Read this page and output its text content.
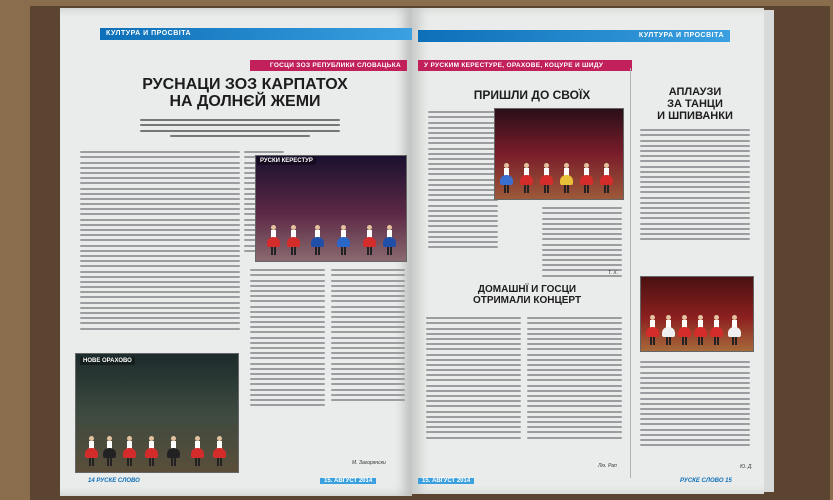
КУЛТУРА И ПРОСВІТА
ГОСЦИ ЗОЗ РЕПУБЛИКИ СЛОВАЦЬКА
РУСНАЦИ ЗОЗ КАРПАТОХ
НА ДОЛНЄЙ ЖЕМИ
РУСКИ КЕРЕСТУР
НОВЕ ОРАХОВО
М. Загорянски
14 РУСКЕ СЛОВО	15. АВҐУСТ 2014
КУЛТУРА И ПРОСВІТА
У РУСКИМ КЕРЕСТУРЕ, ОРАХОВЕ, КОЦУРЕ И ШИДУ
ПРИШЛИ ДО СВОЇХ	АПЛАУЗИ
ЗА ТАНЦИ
И ШПИВАНКИ
Т. Х.
ДОМАШНЇ И ГОСЦИ
ОТРИМАЛИ КОНЦЕРТ
Лю. Рап	Ю. Д.
15. АВҐУСТ 2014	РУСКЕ СЛОВО 15
